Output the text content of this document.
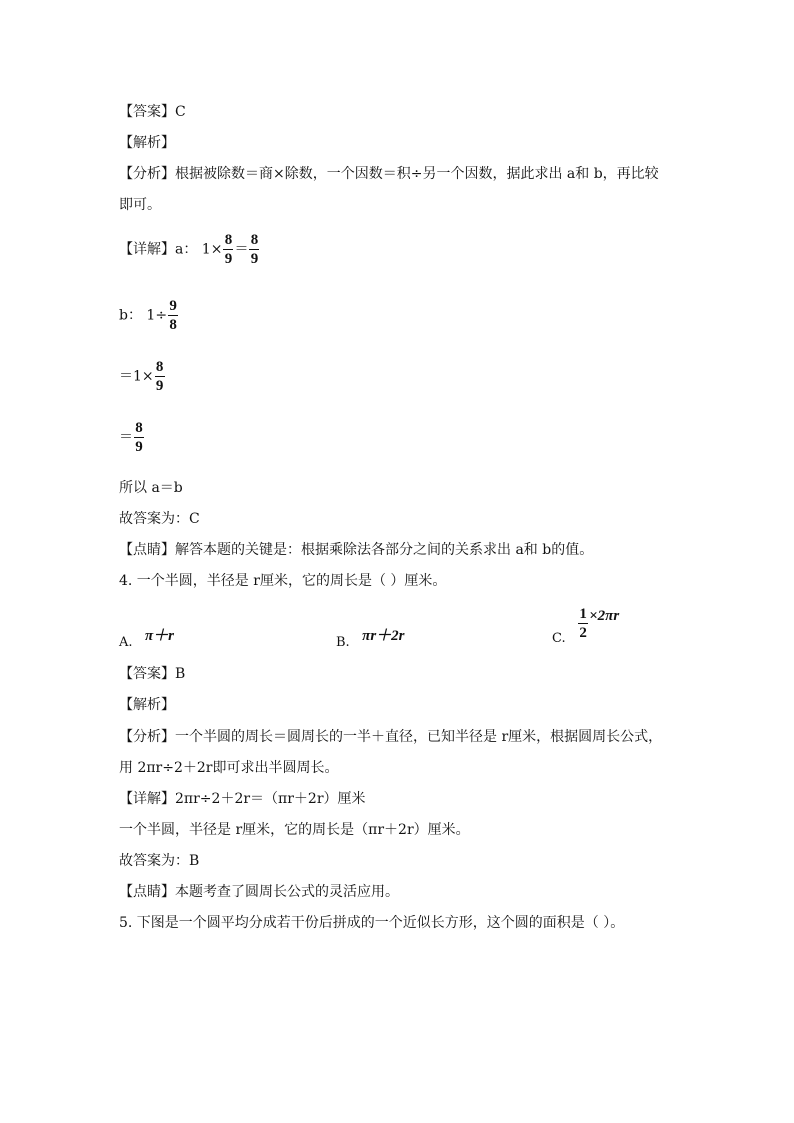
【答案】C
【解析】
【分析】根据被除数＝商×除数，一个因数＝积÷另一个因数，据此求出 a和 b，再比较
即可。
【详解】a： $1\times \frac{8}{9} = \frac{8}{9}$
b： $1\div \frac{9}{8}$
$=1\times \frac{8}{9}$
＝ $\frac{8}{9}$
所以 a＝b
故答案为：C
【点睛】解答本题的关键是：根据乘除法各部分之间的关系求出 a和 b的值。
4. 一个半圆，半径是 r厘米，它的周长是（ ）厘米。
A. π＋r	B. πr＋2r	C. $\frac{1}{2} \times 2\pi r$
【答案】B
【解析】
【分析】一个半圆的周长＝圆周长的一半＋直径，已知半径是 r厘米，根据圆周长公式，
用 2πr÷2＋2r即可求出半圆周长。
【详解】2πr÷2＋2r＝（πr＋2r）厘米
一个半圆，半径是 r厘米，它的周长是（πr＋2r）厘米。
故答案为：B
【点睛】本题考查了圆周长公式的灵活应用。
5. 下图是一个圆平均分成若干份后拼成的一个近似长方形，这个圆的面积是（ ）。
